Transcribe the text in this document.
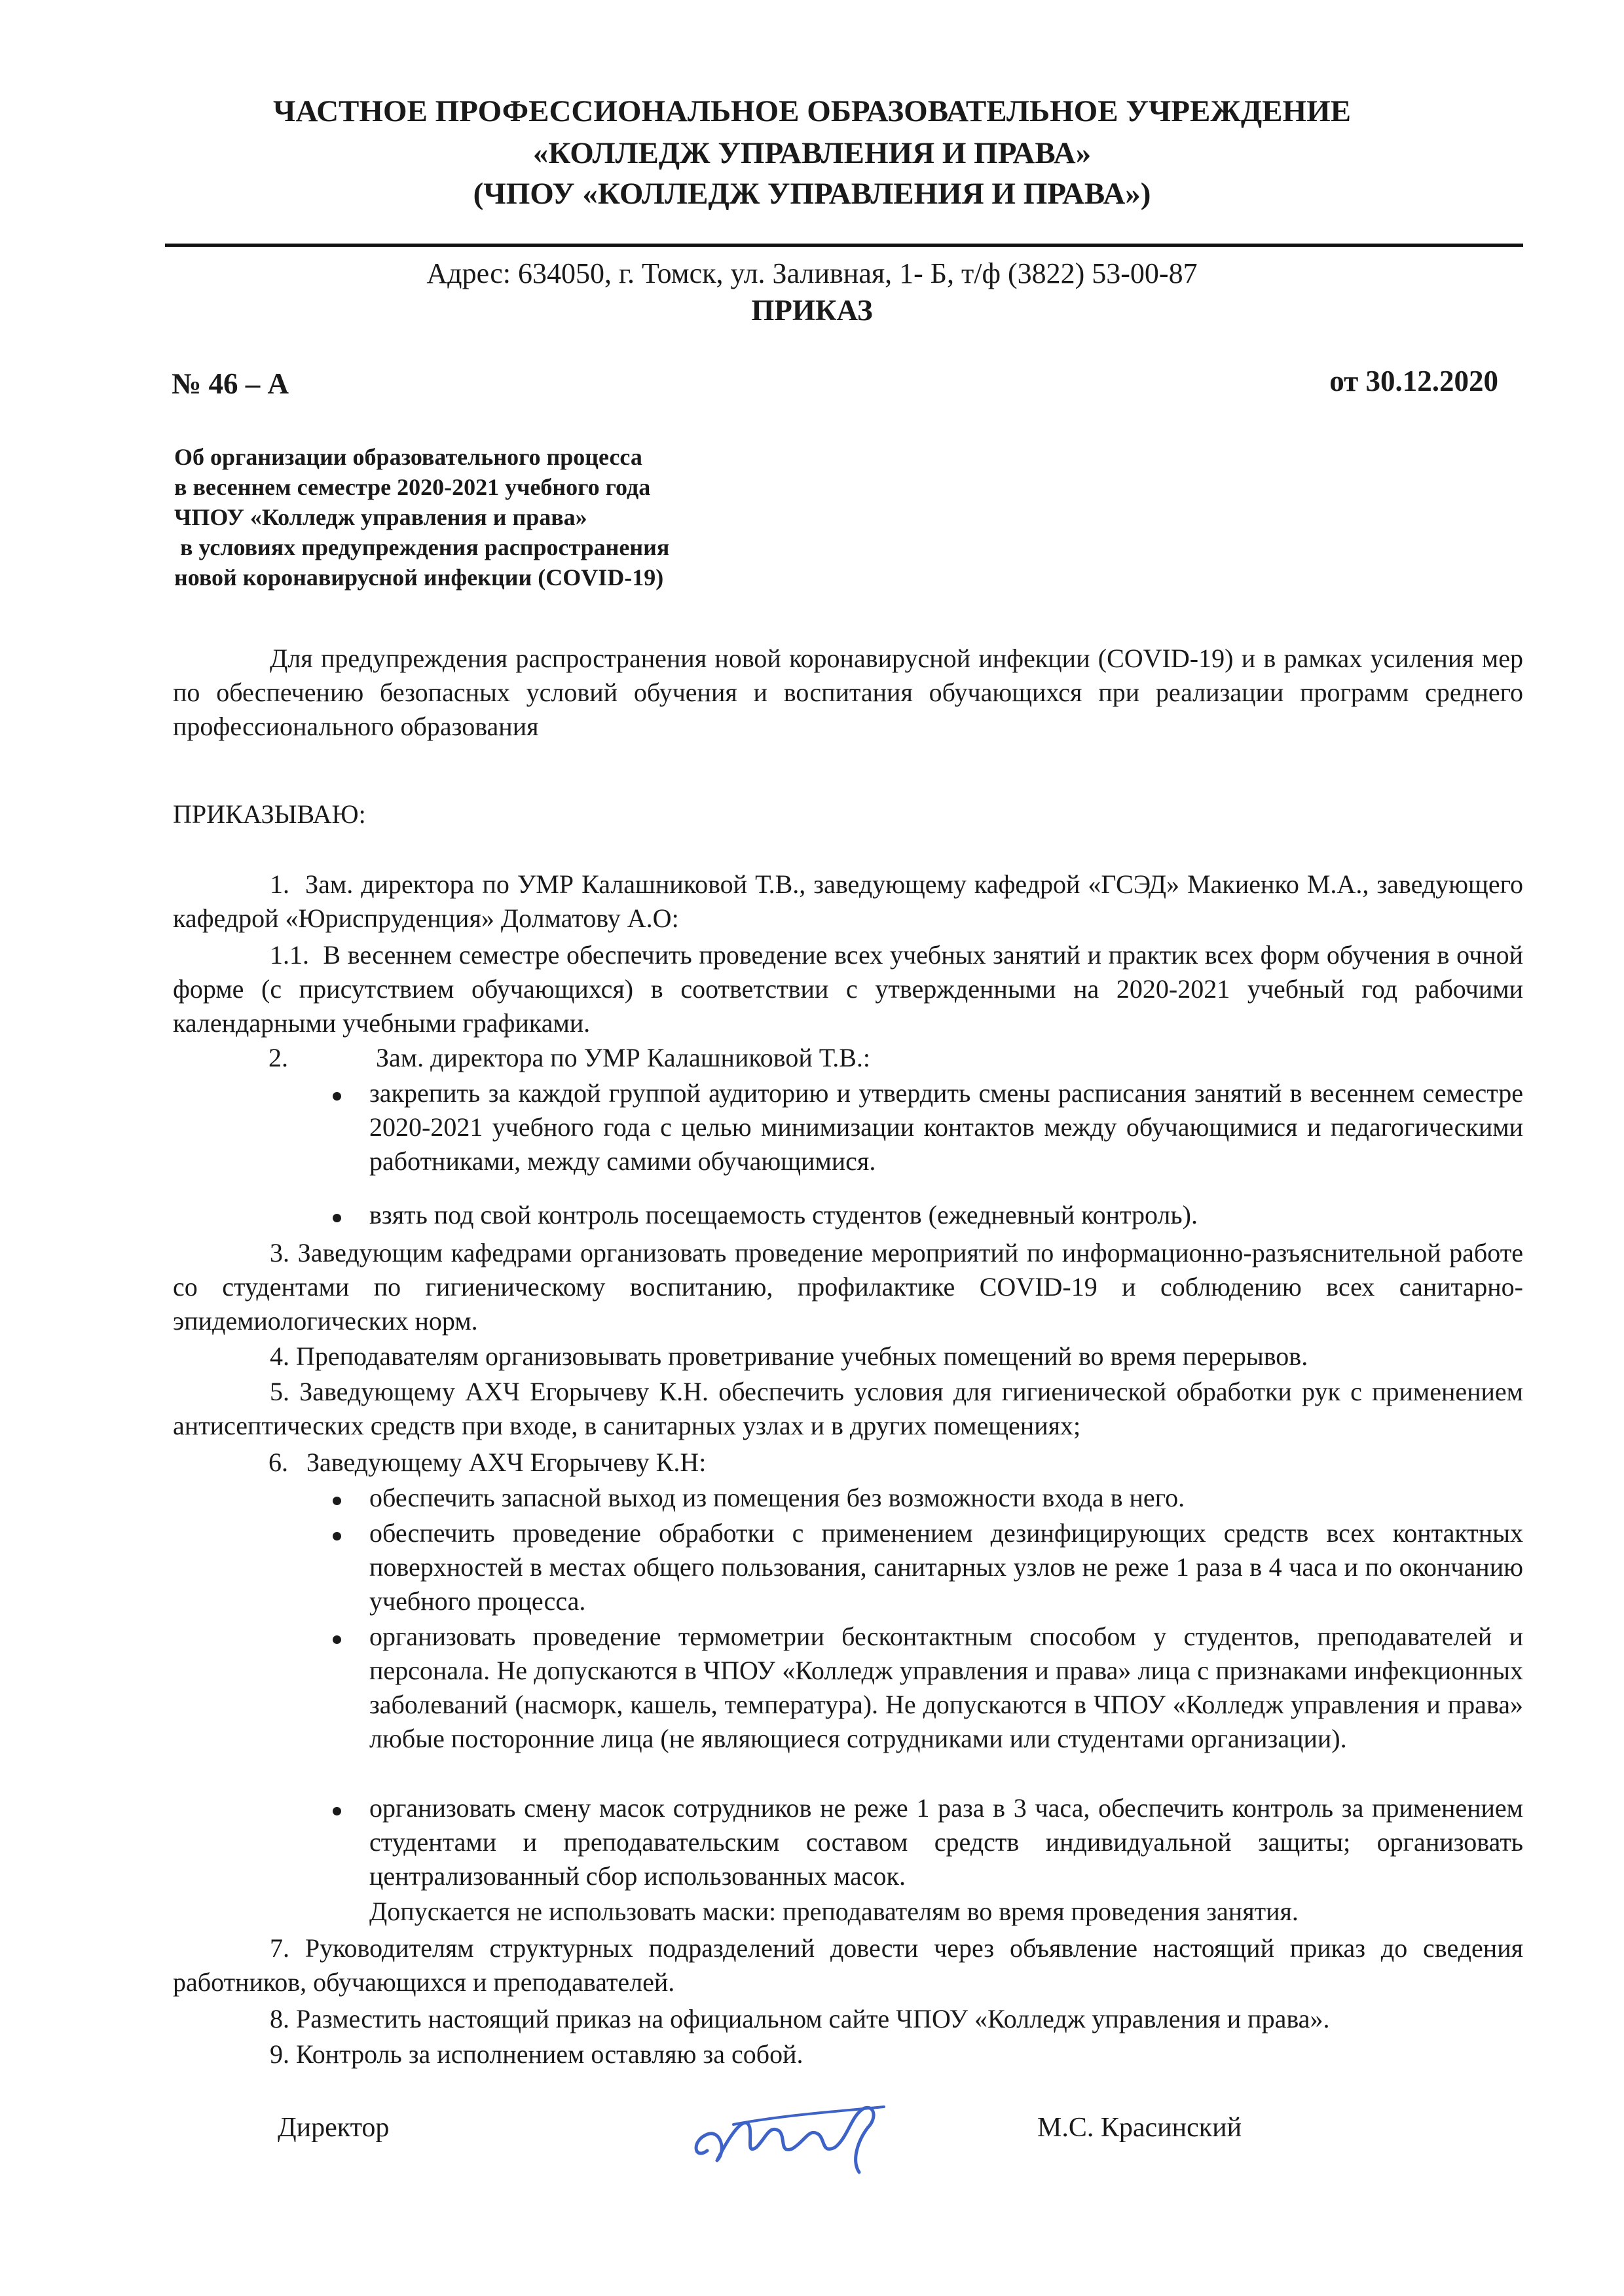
ЧАСТНОЕ ПРОФЕССИОНАЛЬНОЕ ОБРАЗОВАТЕЛЬНОЕ УЧРЕЖДЕНИЕ
«КОЛЛЕДЖ УПРАВЛЕНИЯ И ПРАВА»
(ЧПОУ «КОЛЛЕДЖ УПРАВЛЕНИЯ И ПРАВА»)
Адрес: 634050, г. Томск, ул. Заливная, 1- Б, т/ф (3822) 53-00-87
ПРИКАЗ
№ 46 – А	от 30.12.2020
Об организации образовательного процесса
в весеннем семестре 2020-2021 учебного года
ЧПОУ «Колледж управления и права»
в условиях предупреждения распространения
новой коронавирусной инфекции (COVID-19)
Для предупреждения распространения новой коронавирусной инфекции (COVID-19) и в рамках усиления мер по обеспечению безопасных условий обучения и воспитания обучающихся при реализации программ среднего профессионального образования
ПРИКАЗЫВАЮ:
1. Зам. директора по УМР Калашниковой Т.В., заведующему кафедрой «ГСЭД» Макиенко М.А., заведующего кафедрой «Юриспруденция» Долматову А.О:
1.1. В весеннем семестре обеспечить проведение всех учебных занятий и практик всех форм обучения в очной форме (с присутствием обучающихся) в соответствии с утвержденными на 2020-2021 учебный год рабочими календарными учебными графиками.
2.	Зам. директора по УМР Калашниковой Т.В.:
закрепить за каждой группой аудиторию и утвердить смены расписания занятий в весеннем семестре 2020-2021 учебного года с целью минимизации контактов между обучающимися и педагогическими работниками, между самими обучающимися.
взять под свой контроль посещаемость студентов (ежедневный контроль).
3. Заведующим кафедрами организовать проведение мероприятий по информационно-разъяснительной работе со студентами по гигиеническому воспитанию, профилактике COVID-19 и соблюдению всех санитарно-эпидемиологических норм.
4. Преподавателям организовывать проветривание учебных помещений во время перерывов.
5. Заведующему АХЧ Егорычеву К.Н. обеспечить условия для гигиенической обработки рук с применением антисептических средств при входе, в санитарных узлах и в других помещениях;
6. Заведующему АХЧ Егорычеву К.Н:
обеспечить запасной выход из помещения без возможности входа в него.
обеспечить проведение обработки с применением дезинфицирующих средств всех контактных поверхностей в местах общего пользования, санитарных узлов не реже 1 раза в 4 часа и по окончанию учебного процесса.
организовать проведение термометрии бесконтактным способом у студентов, преподавателей и персонала. Не допускаются в ЧПОУ «Колледж управления и права» лица с признаками инфекционных заболеваний (насморк, кашель, температура). Не допускаются в ЧПОУ «Колледж управления и права» любые посторонние лица (не являющиеся сотрудниками или студентами организации).
организовать смену масок сотрудников не реже 1 раза в 3 часа, обеспечить контроль за применением студентами и преподавательским составом средств индивидуальной защиты; организовать централизованный сбор использованных масок.
Допускается не использовать маски: преподавателям во время проведения занятия.
7. Руководителям структурных подразделений довести через объявление настоящий приказ до сведения работников, обучающихся и преподавателей.
8. Разместить настоящий приказ на официальном сайте ЧПОУ «Колледж управления и права».
9. Контроль за исполнением оставляю за собой.
Директор	М.С. Красинский
